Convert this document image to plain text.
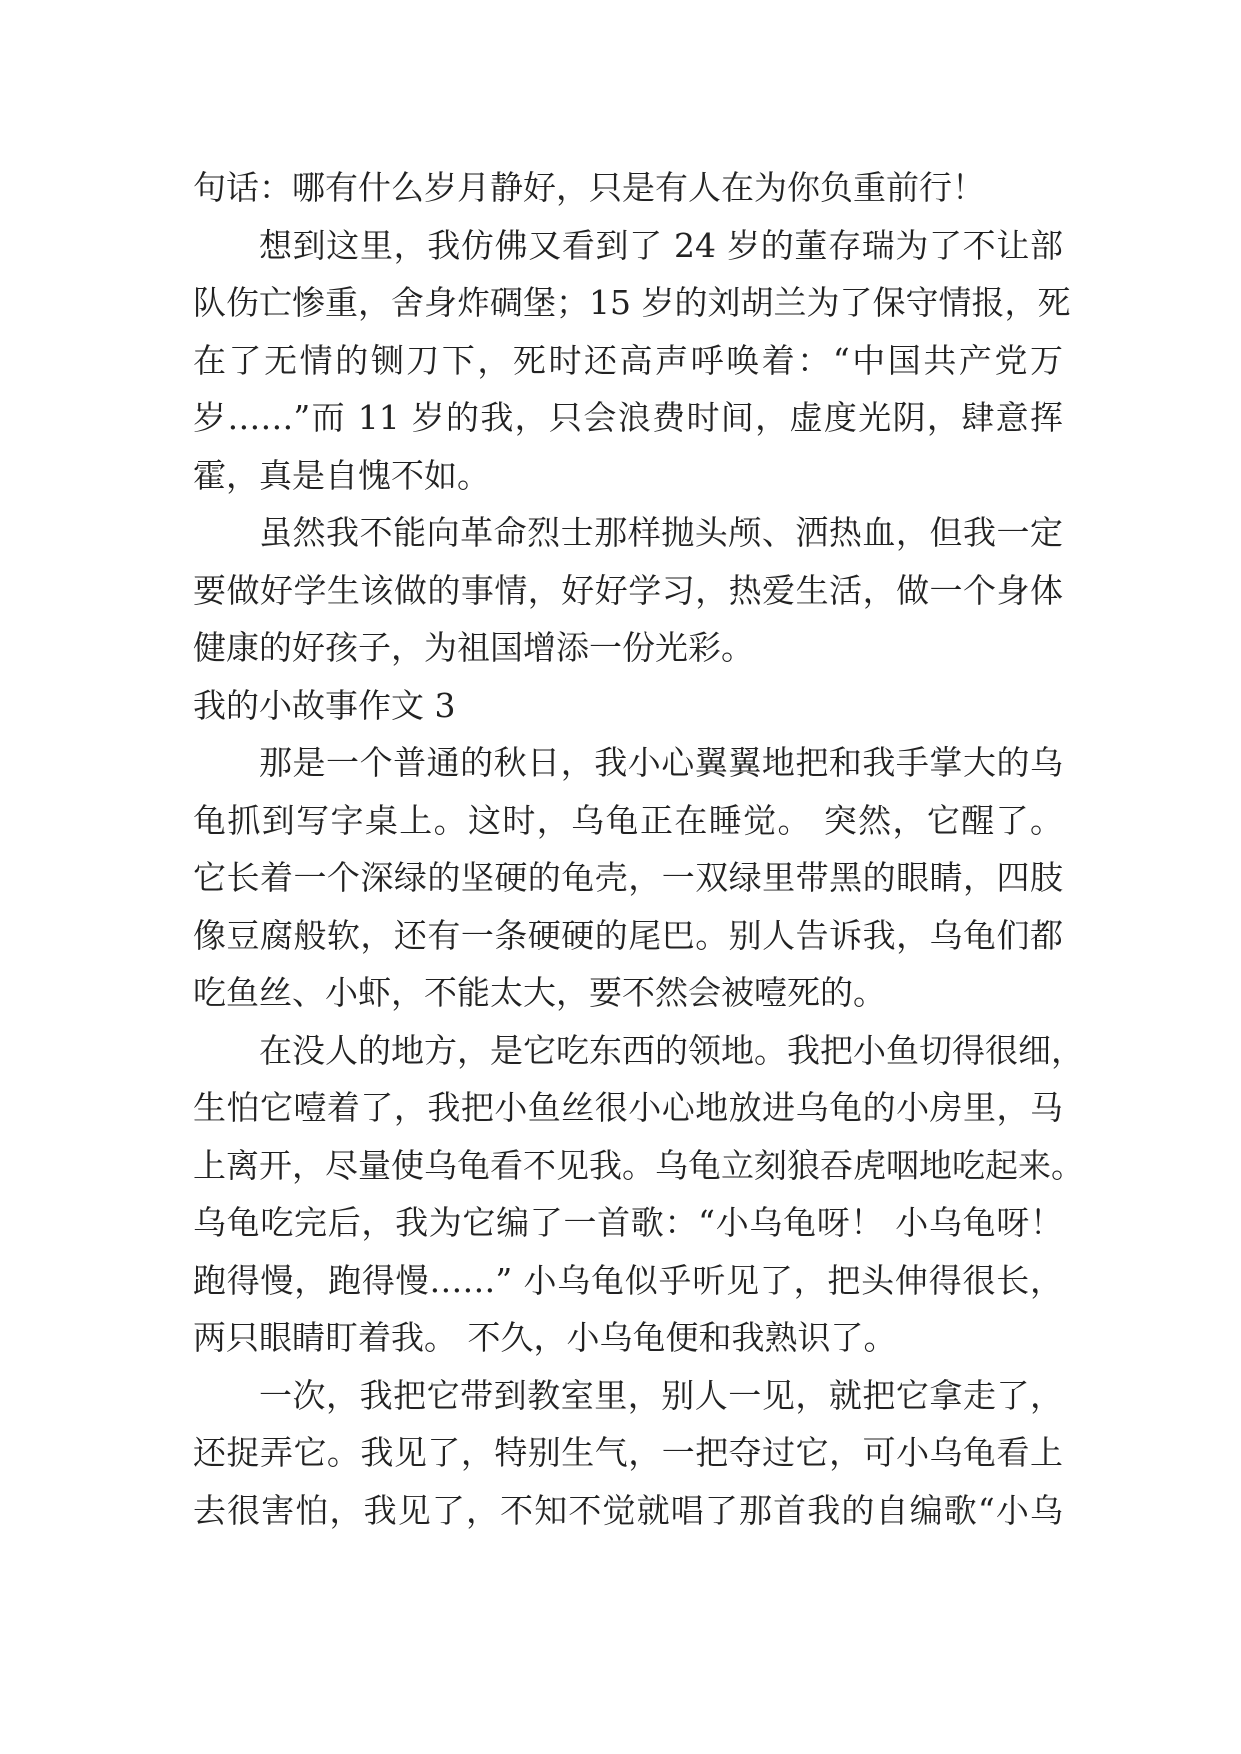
句话：哪有什么岁月静好，只是有人在为你负重前行！
想到这里，我仿佛又看到了 24 岁的董存瑞为了不让部
队伤亡惨重，舍身炸碉堡；15 岁的刘胡兰为了保守情报，死
在了无情的铡刀下，死时还高声呼唤着：“中国共产党万
岁……”而 11 岁的我，只会浪费时间，虚度光阴，肆意挥
霍，真是自愧不如。
虽然我不能向革命烈士那样抛头颅、洒热血，但我一定
要做好学生该做的事情，好好学习，热爱生活，做一个身体
健康的好孩子，为祖国增添一份光彩。
我的小故事作文 3
那是一个普通的秋日，我小心翼翼地把和我手掌大的乌
龟抓到写字桌上。这时，乌龟正在睡觉。 突然，它醒了。
它长着一个深绿的坚硬的龟壳，一双绿里带黑的眼睛，四肢
像豆腐般软，还有一条硬硬的尾巴。别人告诉我，乌龟们都
吃鱼丝、小虾，不能太大，要不然会被噎死的。
在没人的地方，是它吃东西的领地。我把小鱼切得很细，
生怕它噎着了，我把小鱼丝很小心地放进乌龟的小房里，马
上离开，尽量使乌龟看不见我。乌龟立刻狼吞虎咽地吃起来。
乌龟吃完后，我为它编了一首歌：“小乌龟呀！ 小乌龟呀！
跑得慢，跑得慢……” 小乌龟似乎听见了，把头伸得很长，
两只眼睛盯着我。 不久，小乌龟便和我熟识了。
一次，我把它带到教室里，别人一见，就把它拿走了，
还捉弄它。我见了，特别生气，一把夺过它，可小乌龟看上
去很害怕，我见了，不知不觉就唱了那首我的自编歌“小乌
